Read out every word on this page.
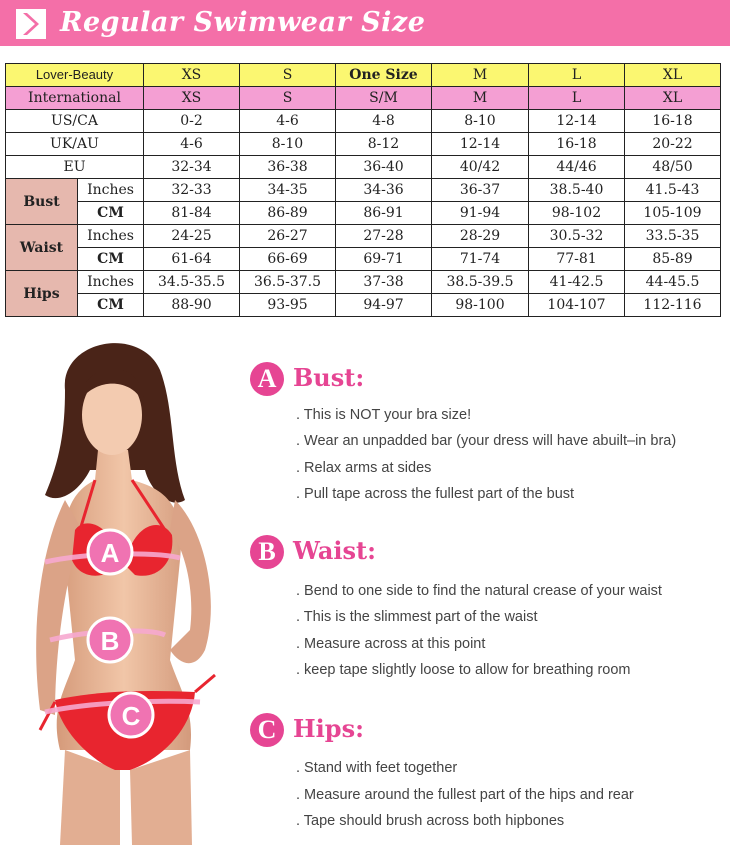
Regular Swimwear Size
Lover-Beauty		XS	S	One Size	M	L	XL
International		XS	S	S/M	M	L	XL
US/CA		0-2	4-6	4-8	8-10	12-14	16-18
UK/AU		4-6	8-10	8-12	12-14	16-18	20-22
EU		32-34	36-38	36-40	40/42	44/46	48/50
Bust	Inches	32-33	34-35	34-36	36-37	38.5-40	41.5-43
	CM	81-84	86-89	86-91	91-94	98-102	105-109
Waist	Inches	24-25	26-27	27-28	28-29	30.5-32	33.5-35
	CM	61-64	66-69	69-71	71-74	77-81	85-89
Hips	Inches	34.5-35.5	36.5-37.5	37-38	38.5-39.5	41-42.5	44-45.5
	CM	88-90	93-95	94-97	98-100	104-107	112-116
A
B
C
A Bust:
. This is NOT your bra size!
. Wear an unpadded bar (your dress will have abuilt–in bra)
. Relax arms at sides
. Pull tape across the fullest part of the bust
B Waist:
. Bend to one side to find the natural crease of your waist
. This is the slimmest part of the waist
. Measure across at this point
. keep tape slightly loose to allow for breathing room
C Hips:
. Stand with feet together
. Measure around the fullest part of the hips and rear
. Tape should brush across both hipbones
